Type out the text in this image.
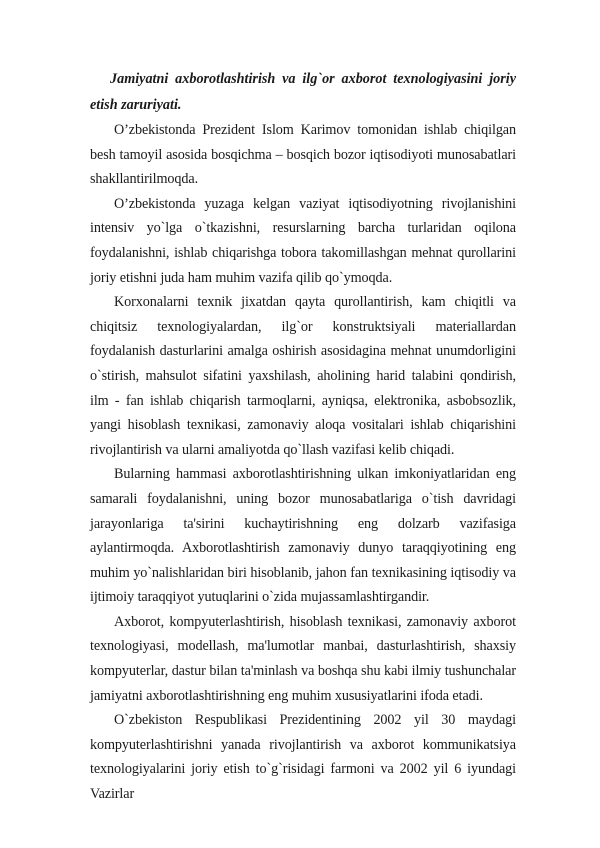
Jamiyatni axborotlashtirish va ilg`or axborot texnologiyasini joriy etish zaruriyati.

O’zbekistonda Prezident Islom Karimov tomonidan ishlab chiqilgan besh tamoyil asosida bosqichma – bosqich bozor iqtisodiyoti munosabatlari shakllantirilmoqda.

O’zbekistonda yuzaga kelgan vaziyat iqtisodiyotning rivojlanishini intensiv yo`lga o`tkazishni, resurslarning barcha turlaridan oqilona foydalanishni, ishlab chiqarishga tobora takomillashgan mehnat qurollarini joriy etishni juda ham muhim vazifa qilib qo`ymoqda.

Korxonalarni texnik jixatdan qayta qurollantirish, kam chiqitli va chiqitsiz texnologiyalardan, ilg`or konstruktsiyali materiallardan foydalanish dasturlarini amalga oshirish asosidagina mehnat unumdorligini o`stirish, mahsulot sifatini yaxshilash, aholining harid talabini qondirish, ilm - fan ishlab chiqarish tarmoqlarni, ayniqsa, elektronika, asbobsozlik, yangi hisoblash texnikasi, zamonaviy aloqa vositalari ishlab chiqarishini rivojlantirish va ularni amaliyotda qo`llash vazifasi kelib chiqadi.

Bularning hammasi axborotlashtirishning ulkan imkoniyatlaridan eng samarali foydalanishni, uning bozor munosabatlariga o`tish davridagi jarayonlariga ta'sirini kuchaytirishning eng dolzarb vazifasiga aylantirmoqda. Axborotlashtirish zamonaviy dunyo taraqqiyotining eng muhim yo`nalishlaridan biri hisoblanib, jahon fan texnikasining iqtisodiy va ijtimoiy taraqqiyot yutuqlarini o`zida mujassamlashtirgandir.

Axborot, kompyuterlashtirish, hisoblash texnikasi, zamonaviy axborot texnologiyasi, modellash, ma'lumotlar manbai, dasturlashtirish, shaxsiy kompyuterlar, dastur bilan ta'minlash va boshqa shu kabi ilmiy tushunchalar jamiyatni axborotlashtirishning eng muhim xususiyatlarini ifoda etadi.

O`zbekiston Respublikasi Prezidentining 2002 yil 30 maydagi kompyuterlashtirishni yanada rivojlantirish va axborot kommunikatsiya texnologiyalarini joriy etish to`g`risidagi farmoni va 2002 yil 6 iyundagi Vazirlar
